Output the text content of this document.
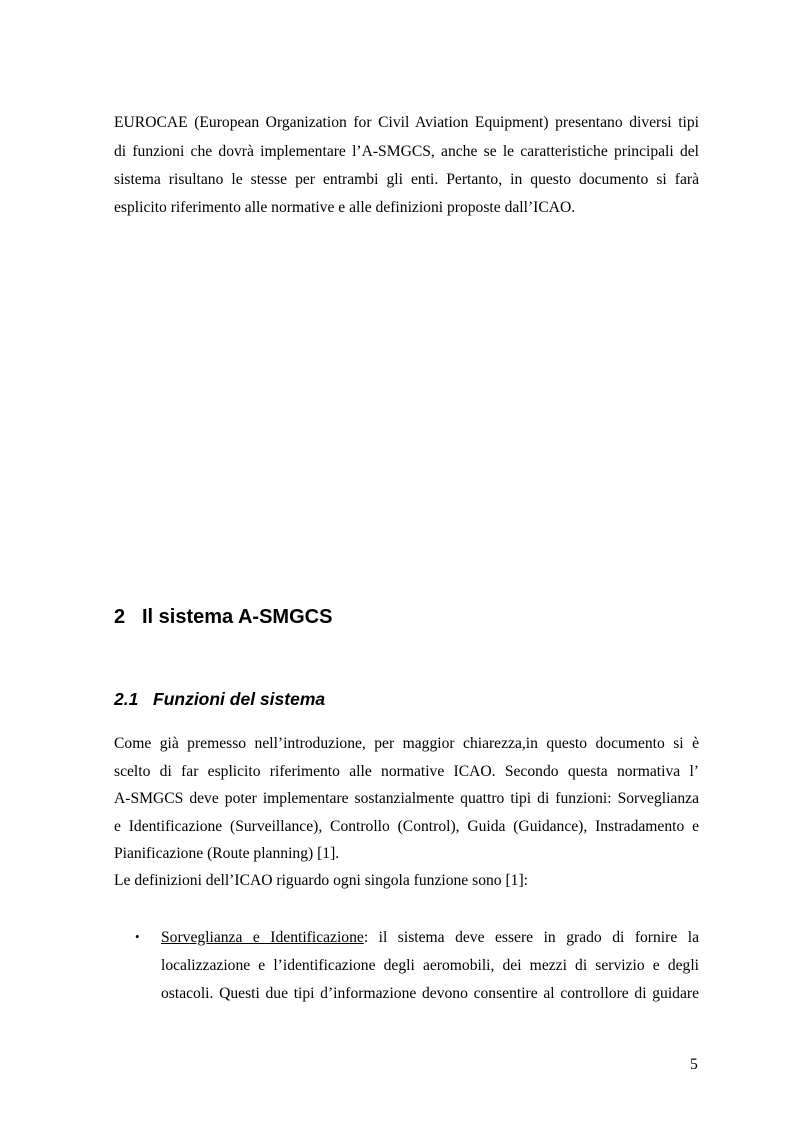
EUROCAE (European Organization for Civil Aviation Equipment) presentano diversi tipi
di funzioni che dovrà implementare l’A-SMGCS, anche se le caratteristiche principali del
sistema risultano le stesse per entrambi gli enti. Pertanto, in questo documento si farà
esplicito riferimento alle normative e alle definizioni proposte dall’ICAO.
2 Il sistema A-SMGCS
2.1 Funzioni del sistema
Come già premesso nell’introduzione, per maggior chiarezza,in questo documento si è
scelto di far esplicito riferimento alle normative ICAO. Secondo questa normativa l’
A-SMGCS deve poter implementare sostanzialmente quattro tipi di funzioni: Sorveglianza
e Identificazione (Surveillance), Controllo (Control), Guida (Guidance), Instradamento e
Pianificazione (Route planning) [1].
Le definizioni dell’ICAO riguardo ogni singola funzione sono [1]:
• Sorveglianza e Identificazione: il sistema deve essere in grado di fornire la
localizzazione e l’identificazione degli aeromobili, dei mezzi di servizio e degli
ostacoli. Questi due tipi d’informazione devono consentire al controllore di guidare
5
